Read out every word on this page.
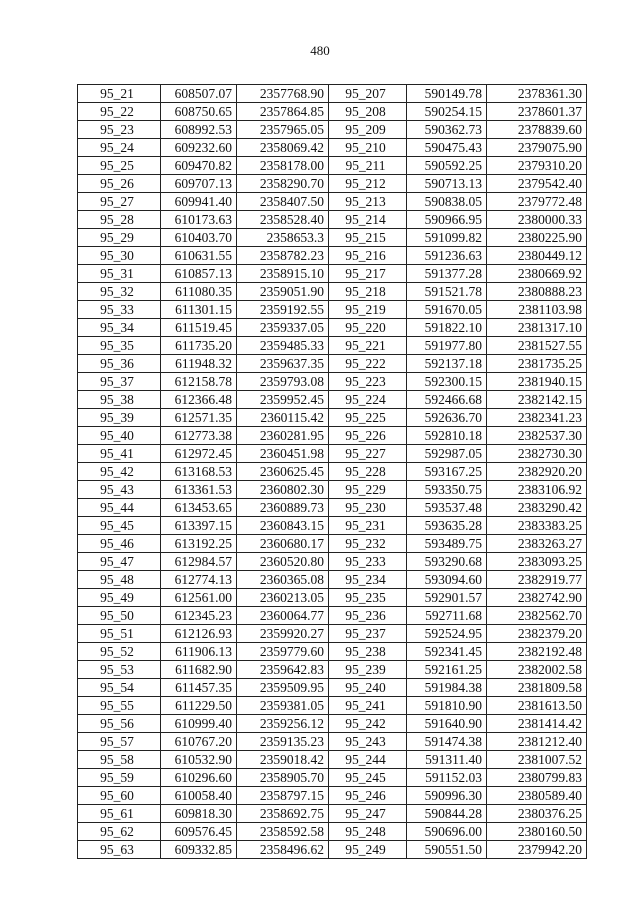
480
95_21	608507.07	2357768.90	95_207	590149.78	2378361.30
95_22	608750.65	2357864.85	95_208	590254.15	2378601.37
95_23	608992.53	2357965.05	95_209	590362.73	2378839.60
95_24	609232.60	2358069.42	95_210	590475.43	2379075.90
95_25	609470.82	2358178.00	95_211	590592.25	2379310.20
95_26	609707.13	2358290.70	95_212	590713.13	2379542.40
95_27	609941.40	2358407.50	95_213	590838.05	2379772.48
95_28	610173.63	2358528.40	95_214	590966.95	2380000.33
95_29	610403.70	2358653.3	95_215	591099.82	2380225.90
95_30	610631.55	2358782.23	95_216	591236.63	2380449.12
95_31	610857.13	2358915.10	95_217	591377.28	2380669.92
95_32	611080.35	2359051.90	95_218	591521.78	2380888.23
95_33	611301.15	2359192.55	95_219	591670.05	2381103.98
95_34	611519.45	2359337.05	95_220	591822.10	2381317.10
95_35	611735.20	2359485.33	95_221	591977.80	2381527.55
95_36	611948.32	2359637.35	95_222	592137.18	2381735.25
95_37	612158.78	2359793.08	95_223	592300.15	2381940.15
95_38	612366.48	2359952.45	95_224	592466.68	2382142.15
95_39	612571.35	2360115.42	95_225	592636.70	2382341.23
95_40	612773.38	2360281.95	95_226	592810.18	2382537.30
95_41	612972.45	2360451.98	95_227	592987.05	2382730.30
95_42	613168.53	2360625.45	95_228	593167.25	2382920.20
95_43	613361.53	2360802.30	95_229	593350.75	2383106.92
95_44	613453.65	2360889.73	95_230	593537.48	2383290.42
95_45	613397.15	2360843.15	95_231	593635.28	2383383.25
95_46	613192.25	2360680.17	95_232	593489.75	2383263.27
95_47	612984.57	2360520.80	95_233	593290.68	2383093.25
95_48	612774.13	2360365.08	95_234	593094.60	2382919.77
95_49	612561.00	2360213.05	95_235	592901.57	2382742.90
95_50	612345.23	2360064.77	95_236	592711.68	2382562.70
95_51	612126.93	2359920.27	95_237	592524.95	2382379.20
95_52	611906.13	2359779.60	95_238	592341.45	2382192.48
95_53	611682.90	2359642.83	95_239	592161.25	2382002.58
95_54	611457.35	2359509.95	95_240	591984.38	2381809.58
95_55	611229.50	2359381.05	95_241	591810.90	2381613.50
95_56	610999.40	2359256.12	95_242	591640.90	2381414.42
95_57	610767.20	2359135.23	95_243	591474.38	2381212.40
95_58	610532.90	2359018.42	95_244	591311.40	2381007.52
95_59	610296.60	2358905.70	95_245	591152.03	2380799.83
95_60	610058.40	2358797.15	95_246	590996.30	2380589.40
95_61	609818.30	2358692.75	95_247	590844.28	2380376.25
95_62	609576.45	2358592.58	95_248	590696.00	2380160.50
95_63	609332.85	2358496.62	95_249	590551.50	2379942.20
